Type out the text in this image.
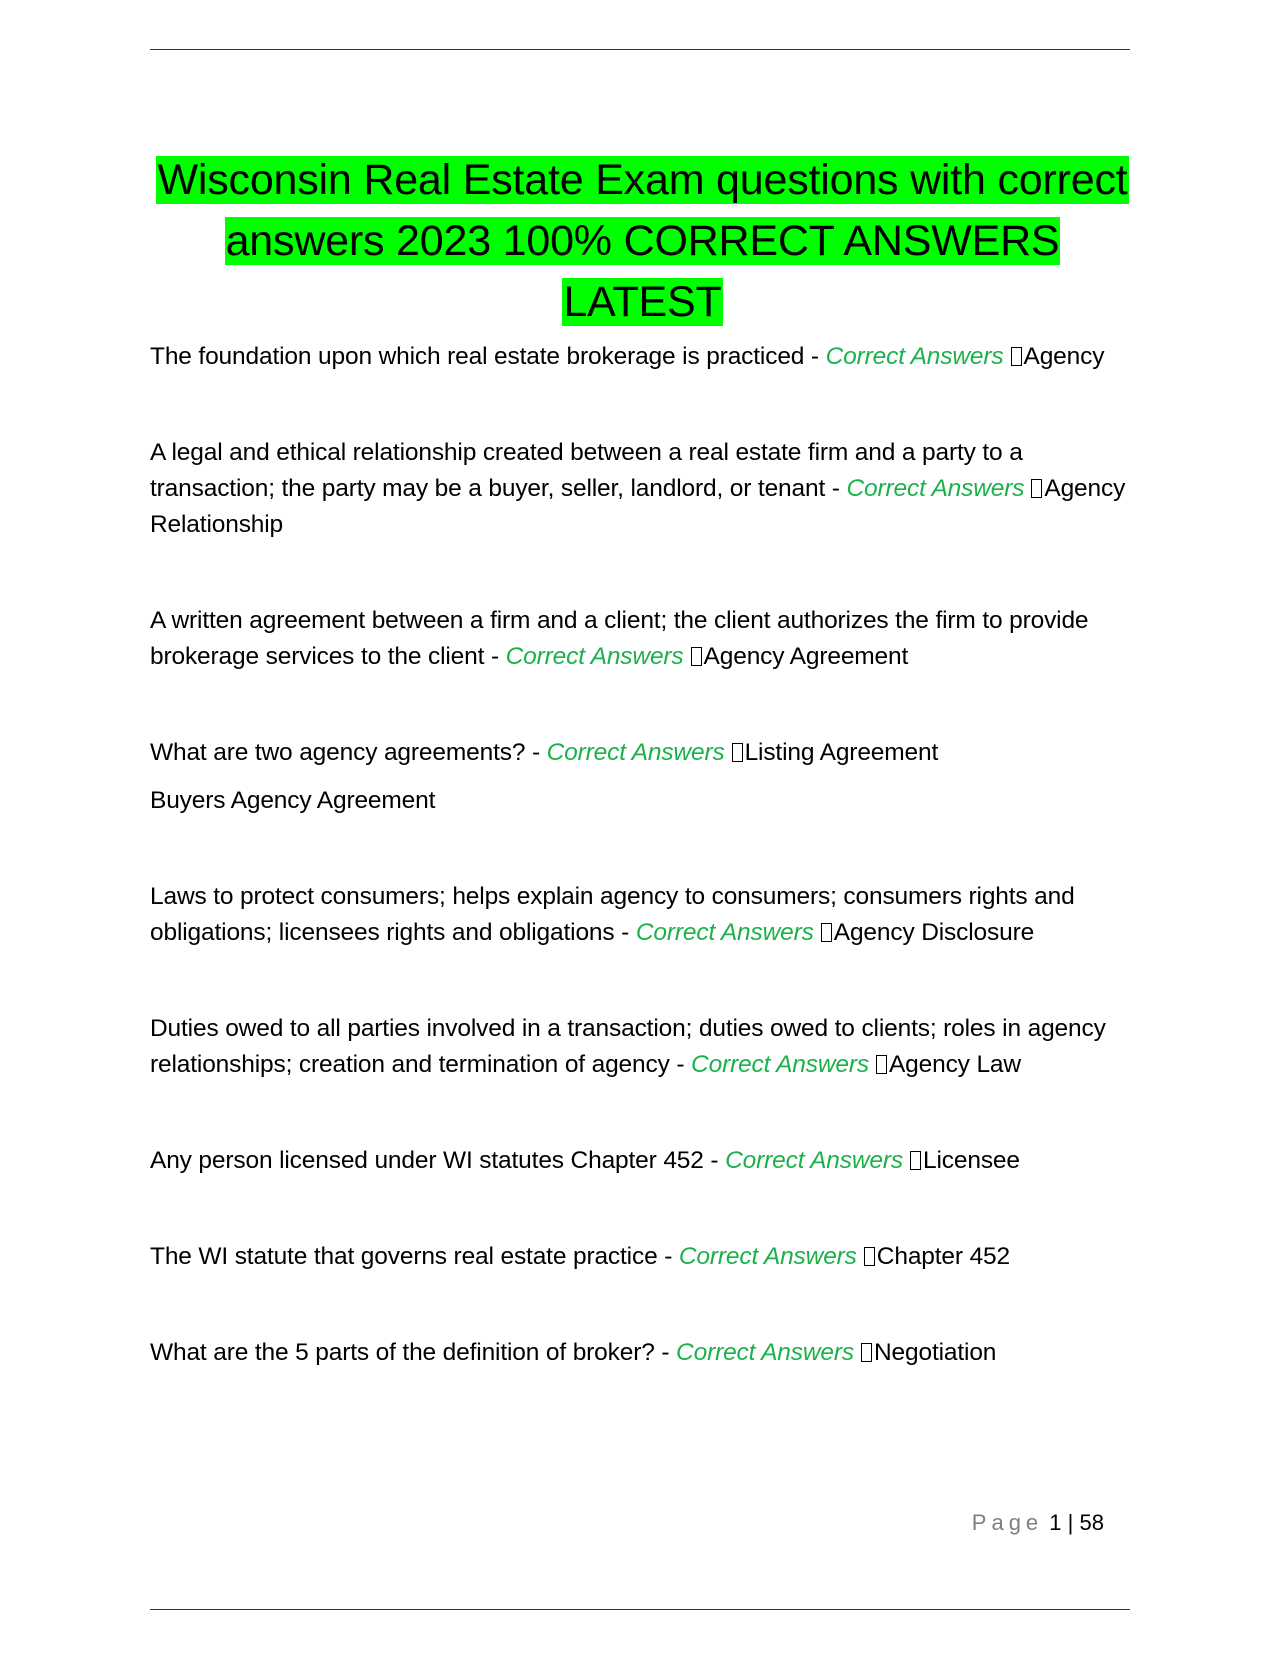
Wisconsin Real Estate Exam questions with correct answers 2023 100% CORRECT ANSWERS LATEST

The foundation upon which real estate brokerage is practiced - Correct Answers Agency

A legal and ethical relationship created between a real estate firm and a party to a transaction; the party may be a buyer, seller, landlord, or tenant - Correct Answers Agency Relationship

A written agreement between a firm and a client; the client authorizes the firm to provide brokerage services to the client - Correct Answers Agency Agreement

What are two agency agreements? - Correct Answers Listing Agreement
Buyers Agency Agreement

Laws to protect consumers; helps explain agency to consumers; consumers rights and obligations; licensees rights and obligations - Correct Answers Agency Disclosure

Duties owed to all parties involved in a transaction; duties owed to clients; roles in agency relationships; creation and termination of agency - Correct Answers Agency Law

Any person licensed under WI statutes Chapter 452 - Correct Answers Licensee

The WI statute that governs real estate practice - Correct Answers Chapter 452

What are the 5 parts of the definition of broker? - Correct Answers Negotiation

Page 1 | 58
